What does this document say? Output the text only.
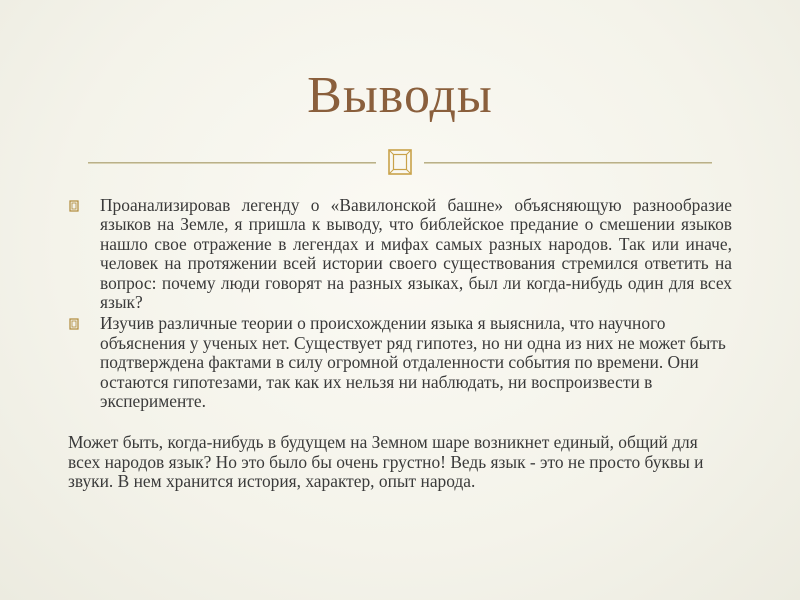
Выводы
Проанализировав легенду о «Вавилонской башне» объясняющую разнообразие языков на Земле, я пришла к выводу, что библейское предание о смешении языков нашло свое отражение в легендах и мифах самых разных народов. Так или иначе, человек на протяжении всей истории своего существования стремился ответить на вопрос: почему люди говорят на разных языках, был ли когда-нибудь один для всех язык?
Изучив различные теории о происхождении языка я выяснила, что научного объяснения у ученых нет. Существует ряд гипотез, но ни одна из них не может быть подтверждена фактами в силу огромной отдаленности события по времени. Они остаются гипотезами, так как их нельзя ни наблюдать, ни воспроизвести в эксперименте.
Может быть, когда-нибудь в будущем на Земном шаре возникнет единый, общий для всех народов язык? Но это было бы очень грустно! Ведь язык - это не просто буквы и звуки. В нем хранится история, характер, опыт народа.
